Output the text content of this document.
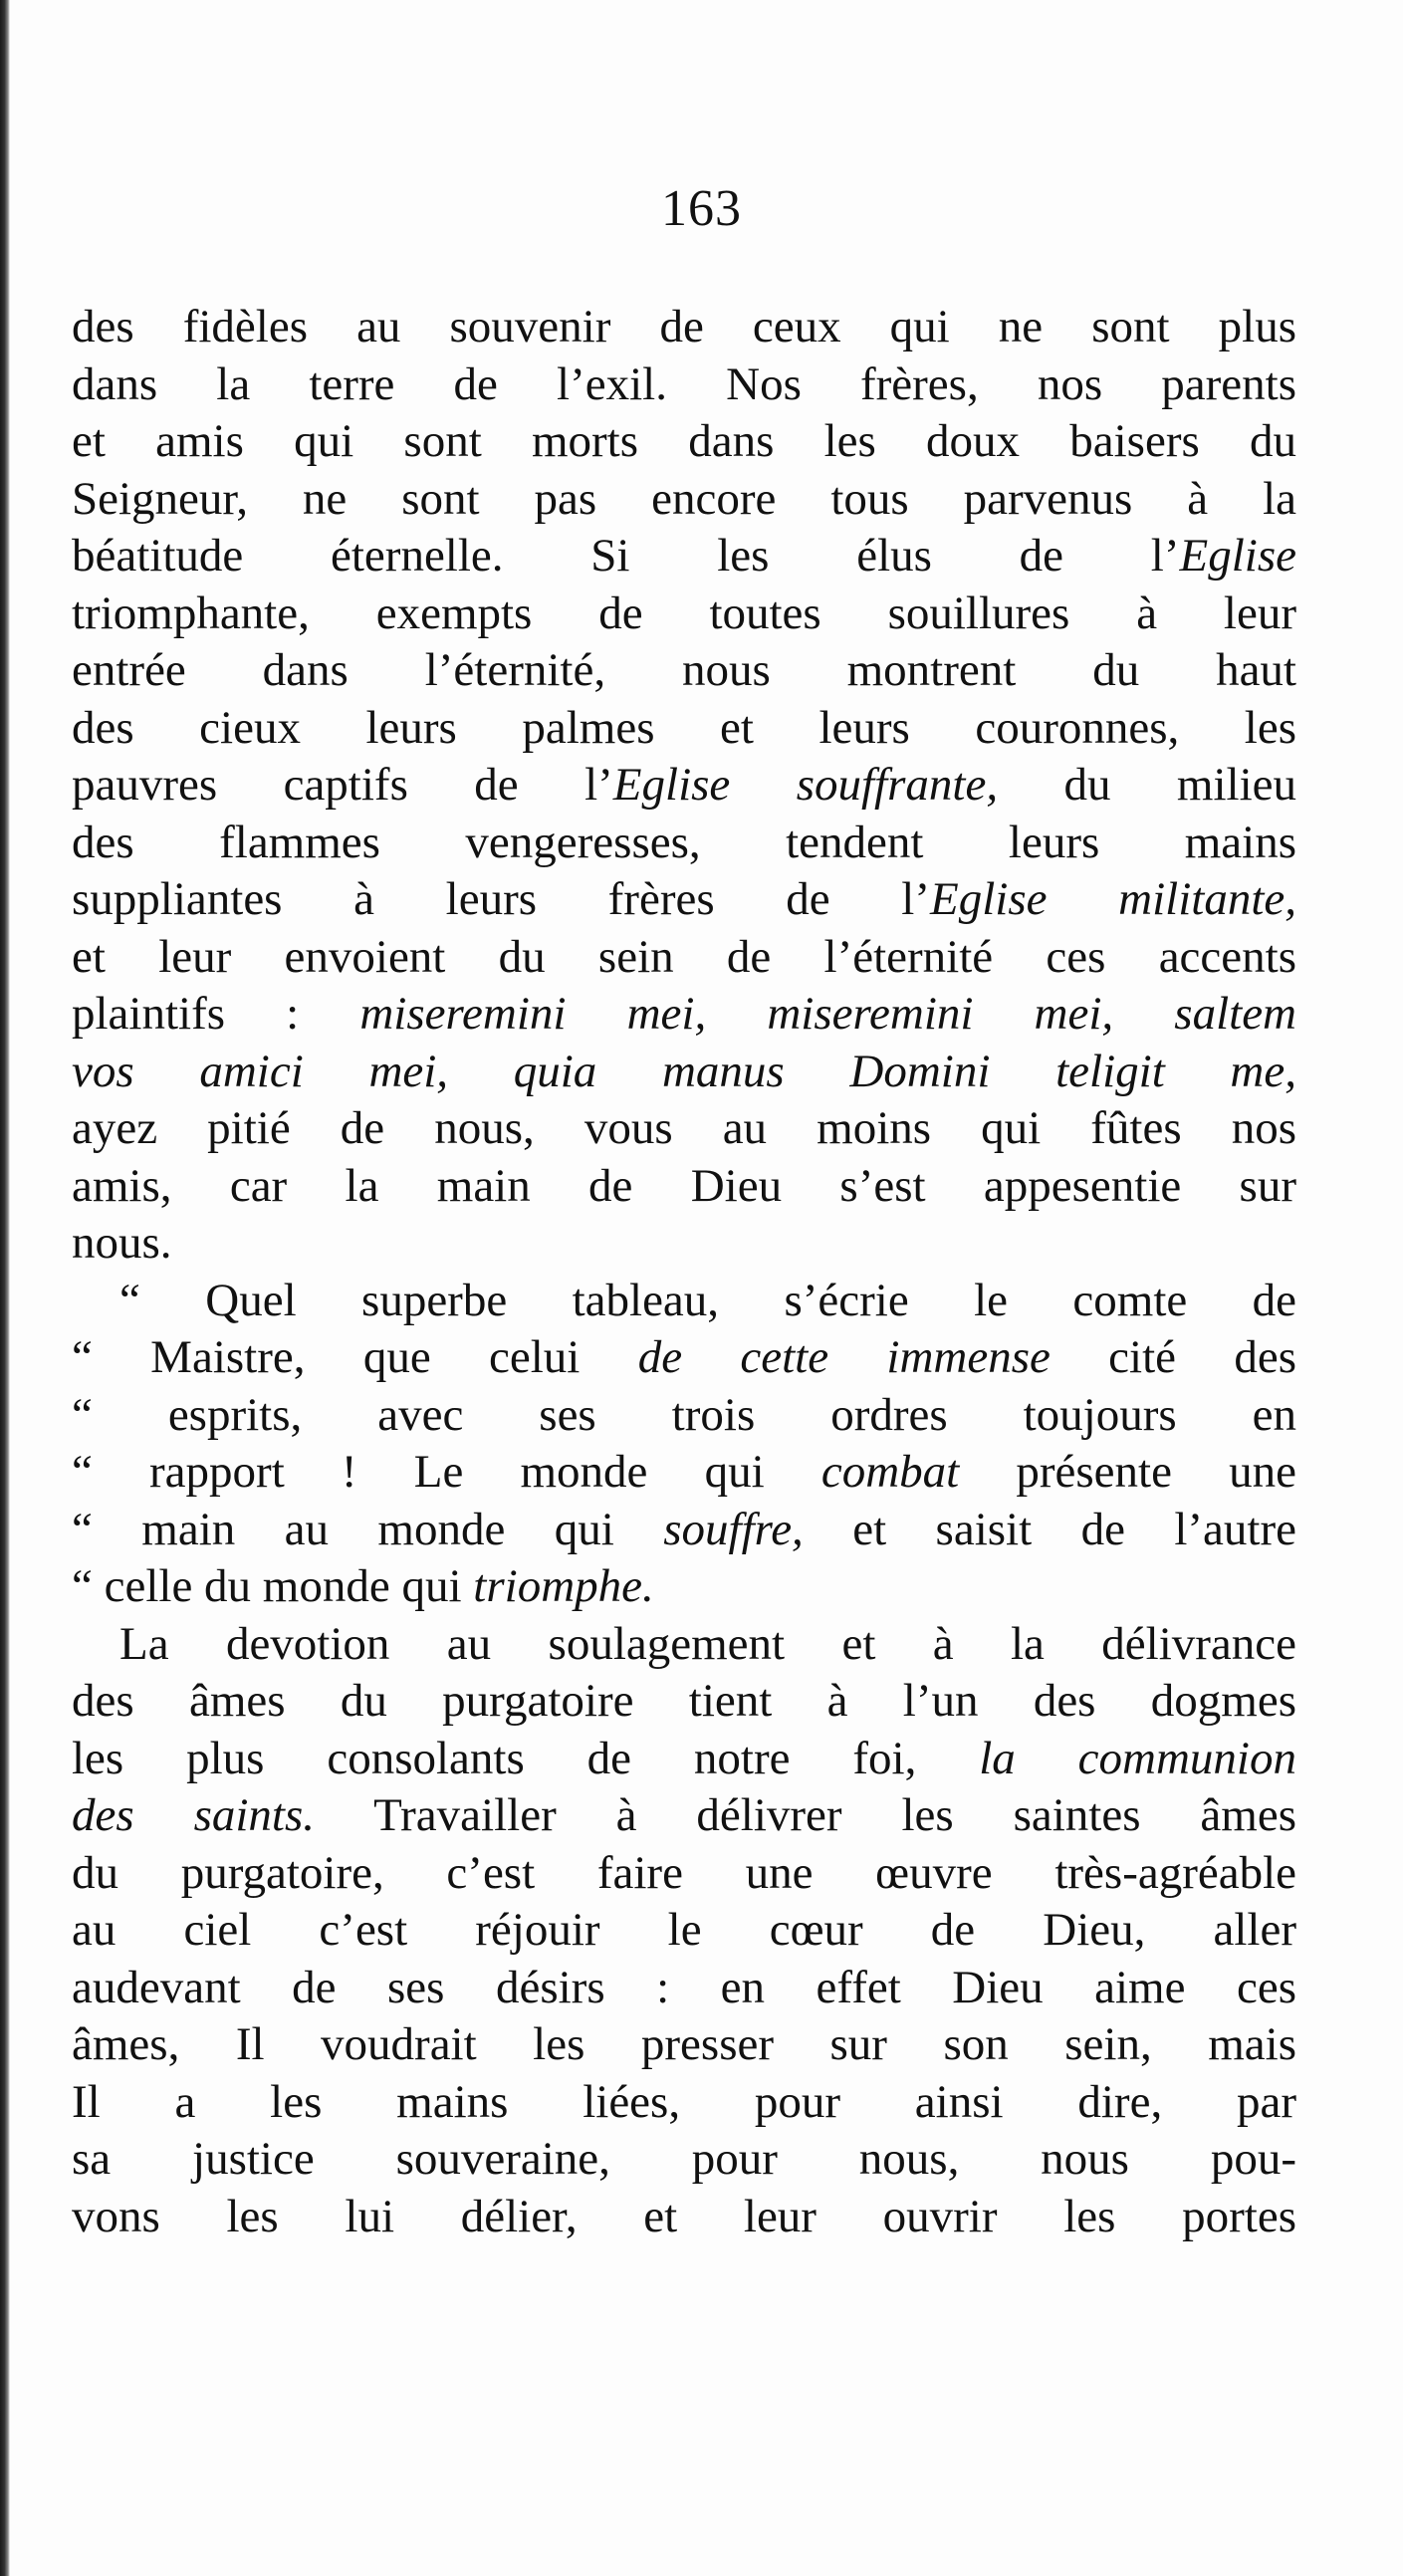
163
des fidèles au souvenir de ceux qui ne sont plus
dans la terre de l’exil. Nos frères, nos parents
et amis qui sont morts dans les doux baisers du
Seigneur, ne sont pas encore tous parvenus à la
béatitude éternelle. Si les élus de l’Eglise
triomphante, exempts de toutes souillures à leur
entrée dans l’éternité, nous montrent du haut
des cieux leurs palmes et leurs couronnes, les
pauvres captifs de l’Eglise souffrante, du milieu
des flammes vengeresses, tendent leurs mains
suppliantes à leurs frères de l’Eglise militante,
et leur envoient du sein de l’éternité ces accents
plaintifs : miseremini mei, miseremini mei, saltem
vos amici mei, quia manus Domini teligit me,
ayez pitié de nous, vous au moins qui fûtes nos
amis, car la main de Dieu s’est appesentie sur
nous.
“ Quel superbe tableau, s’écrie le comte de
“ Maistre, que celui de cette immense cité des
“ esprits, avec ses trois ordres toujours en
“ rapport ! Le monde qui combat présente une
“ main au monde qui souffre, et saisit de l’autre
“ celle du monde qui triomphe.
La devotion au soulagement et à la délivrance
des âmes du purgatoire tient à l’un des dogmes
les plus consolants de notre foi, la communion
des saints. Travailler à délivrer les saintes âmes
du purgatoire, c’est faire une œuvre très-agréable
au ciel c’est réjouir le cœur de Dieu, aller
audevant de ses désirs : en effet Dieu aime ces
âmes, Il voudrait les presser sur son sein, mais
Il a les mains liées, pour ainsi dire, par
sa justice souveraine, pour nous, nous pou-
vons les lui délier, et leur ouvrir les portes
